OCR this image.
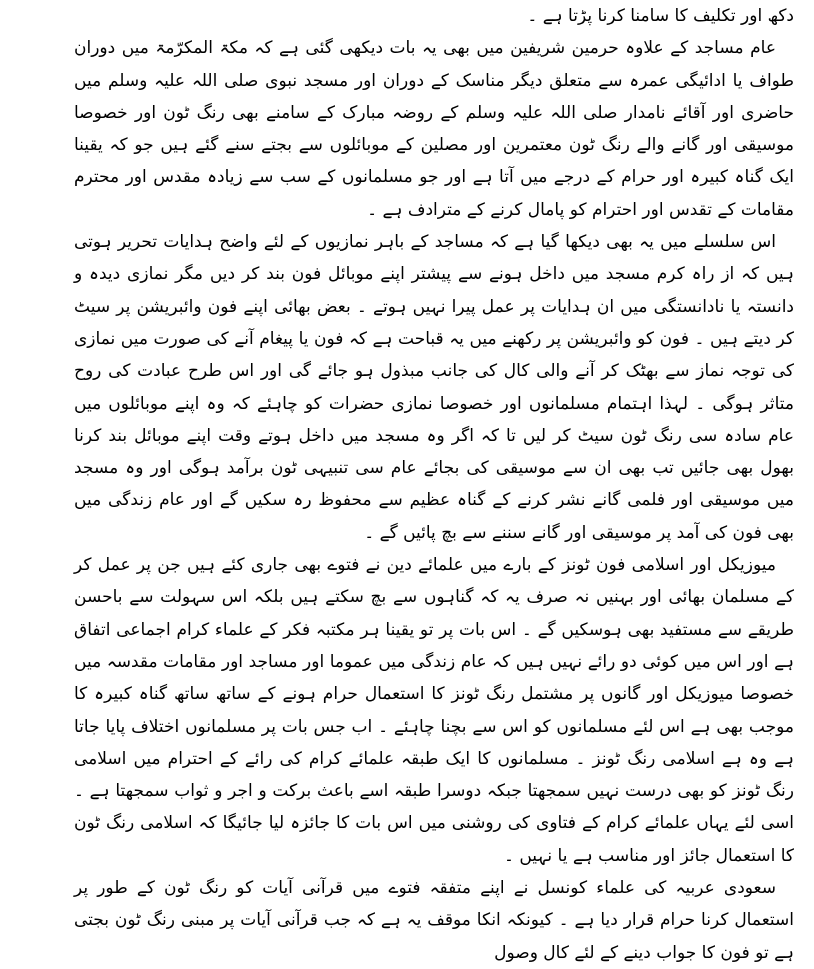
دکھ اور تکلیف کا سامنا کرنا پڑتا ہے ۔

عام مساجد کے علاوہ حرمین شریفین میں بھی یہ بات دیکھی گئی ہے کہ مکۃ المکرّمۃ میں دوران طواف یا ادائیگی عمرہ سے متعلق دیگر مناسک کے دوران اور مسجد نبوی صلی اللہ علیہ وسلم میں حاضری اور آقائے نامدار صلی اللہ علیہ وسلم کے روضہ مبارک کے سامنے بھی رنگ ٹون اور خصوصا موسیقی اور گانے والے رنگ ٹون معتمرین اور مصلین کے موبائلوں سے بجتے سنے گئے ہیں جو کہ یقینا ایک گناہ کبیرہ اور حرام کے درجے میں آتا ہے اور جو مسلمانوں کے سب سے زیادہ مقدس اور محترم مقامات کے تقدس اور احترام کو پامال کرنے کے مترادف ہے ۔

اس سلسلے میں یہ بھی دیکھا گیا ہے کہ مساجد کے باہر نمازیوں کے لئے واضح ہدایات تحریر ہوتی ہیں کہ از راہ کرم مسجد میں داخل ہونے سے پیشتر اپنے موبائل فون بند کر دیں مگر نمازی دیدہ و دانستہ یا نادانستگی میں ان ہدایات پر عمل پیرا نہیں ہوتے ۔ بعض بھائی اپنے فون وائبریشن پر سیٹ کر دیتے ہیں ۔ فون کو وائبریشن پر رکھنے میں یہ قباحت ہے کہ فون یا پیغام آنے کی صورت میں نمازی کی توجہ نماز سے بھٹک کر آنے والی کال کی جانب مبذول ہو جائے گی اور اس طرح عبادت کی روح متاثر ہوگی ۔ لہذا اہتمام مسلمانوں اور خصوصا نمازی حضرات کو چاہئے کہ وہ اپنے موبائلوں میں عام سادہ سی رنگ ٹون سیٹ کر لیں تا کہ اگر وہ مسجد میں داخل ہوتے وقت اپنے موبائل بند کرنا بھول بھی جائیں تب بھی ان سے موسیقی کی بجائے عام سی تنبیہی ٹون برآمد ہوگی اور وہ مسجد میں موسیقی اور فلمی گانے نشر کرنے کے گناہ عظیم سے محفوظ رہ سکیں گے اور عام زندگی میں بھی فون کی آمد پر موسیقی اور گانے سننے سے بچ پائیں گے ۔

میوزیکل اور اسلامی فون ٹونز کے بارے میں علمائے دین نے فتوے بھی جاری کئے ہیں جن پر عمل کر کے مسلمان بھائی اور بہنیں نہ صرف یہ کہ گناہوں سے بچ سکتے ہیں بلکہ اس سہولت سے باحسن طریقے سے مستفید بھی ہوسکیں گے ۔ اس بات پر تو یقینا ہر مکتبہ فکر کے علماء کرام اجماعی اتفاق ہے اور اس میں کوئی دو رائے نہیں ہیں کہ عام زندگی میں عموما اور مساجد اور مقامات مقدسہ میں خصوصا میوزیکل اور گانوں پر مشتمل رنگ ٹونز کا استعمال حرام ہونے کے ساتھ ساتھ گناہ کبیرہ کا موجب بھی ہے اس لئے مسلمانوں کو اس سے بچنا چاہئے ۔ اب جس بات پر مسلمانوں اختلاف پایا جاتا ہے وہ ہے اسلامی رنگ ٹونز ۔ مسلمانوں کا ایک طبقہ علمائے کرام کی رائے کے احترام میں اسلامی رنگ ٹونز کو بھی درست نہیں سمجھتا جبکہ دوسرا طبقہ اسے باعث برکت و اجر و ثواب سمجھتا ہے ۔ اسی لئے یہاں علمائے کرام کے فتاوی کی روشنی میں اس بات کا جائزہ لیا جائیگا کہ اسلامی رنگ ٹون کا استعمال جائز اور مناسب ہے یا نہیں ۔

سعودی عربیہ کی علماء کونسل نے اپنے متفقہ فتوے میں قرآنی آیات کو رنگ ٹون کے طور پر استعمال کرنا حرام قرار دیا ہے ۔ کیونکہ انکا موقف یہ ہے کہ جب قرآنی آیات پر مبنی رنگ ٹون بجتی ہے تو فون کا جواب دینے کے لئے کال وصول
